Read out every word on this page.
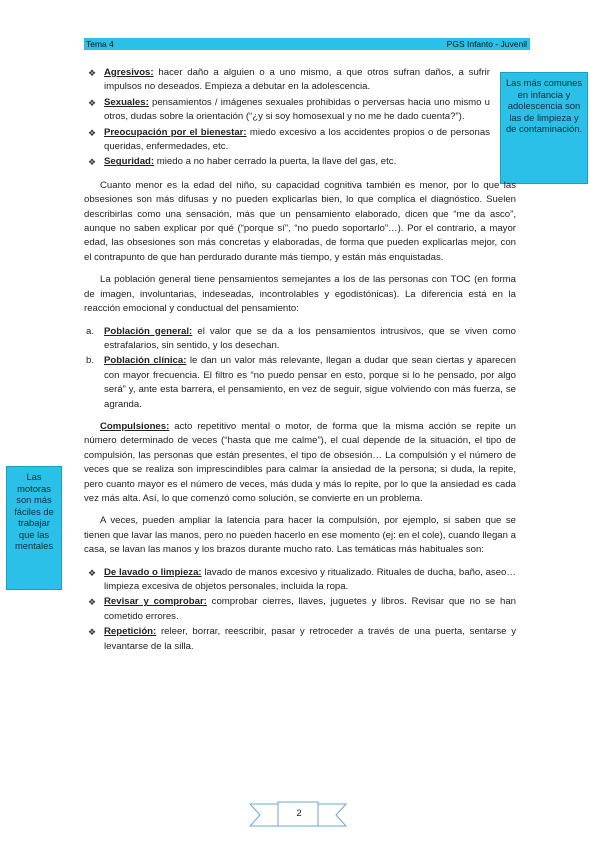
Tema 4	PGS Infanto - Juvenil
Las más comunes en infancia y adolescencia son las de limpieza y de contaminación.
Las motoras son más fáciles de trabajar que las mentales
❖ Agresivos: hacer daño a alguien o a uno mismo, a que otros sufran daños, a sufrir impulsos no deseados. Empieza a debutar en la adolescencia.
❖ Sexuales: pensamientos / imágenes sexuales prohibidas o perversas hacia uno mismo u otros, dudas sobre la orientación (“¿y si soy homosexual y no me he dado cuenta?”).
❖ Preocupación por el bienestar: miedo excesivo a los accidentes propios o de personas queridas, enfermedades, etc.
❖ Seguridad: miedo a no haber cerrado la puerta, la llave del gas, etc.

Cuanto menor es la edad del niño, su capacidad cognitiva también es menor, por lo que las obsesiones son más difusas y no pueden explicarlas bien, lo que complica el diagnóstico. Suelen describirlas como una sensación, más que un pensamiento elaborado, dicen que “me da asco”, aunque no saben explicar por qué (“porque sí”, “no puedo soportarlo”…). Por el contrario, a mayor edad, las obsesiones son más concretas y elaboradas, de forma que pueden explicarlas mejor, con el contrapunto de que han perdurado durante más tiempo, y están más enquistadas.

La población general tiene pensamientos semejantes a los de las personas con TOC (en forma de imagen, involuntarias, indeseadas, incontrolables y egodistónicas). La diferencia está en la reacción emocional y conductual del pensamiento:

a. Población general: el valor que se da a los pensamientos intrusivos, que se viven como estrafalarios, sin sentido, y los desechan.
b. Población clínica: le dan un valor más relevante, llegan a dudar que sean ciertas y aparecen con mayor frecuencia. El filtro es “no puedo pensar en esto, porque si lo he pensado, por algo será” y, ante esta barrera, el pensamiento, en vez de seguir, sigue volviendo con más fuerza, se agranda.

Compulsiones: acto repetitivo mental o motor, de forma que la misma acción se repite un número determinado de veces (“hasta que me calme”), el cual depende de la situación, el tipo de compulsión, las personas que están presentes, el tipo de obsesión… La compulsión y el número de veces que se realiza son imprescindibles para calmar la ansiedad de la persona; si duda, la repite, pero cuanto mayor es el número de veces, más duda y más lo repite, por lo que la ansiedad es cada vez más alta. Así, lo que comenzó como solución, se convierte en un problema.

A veces, pueden ampliar la latencia para hacer la compulsión, por ejemplo, si saben que se tienen que lavar las manos, pero no pueden hacerlo en ese momento (ej: en el cole), cuando llegan a casa, se lavan las manos y los brazos durante mucho rato. Las temáticas más habituales son:

❖ De lavado o limpieza: lavado de manos excesivo y ritualizado. Rituales de ducha, baño, aseo… limpieza excesiva de objetos personales, incluida la ropa.
❖ Revisar y comprobar: comprobar cierres, llaves, juguetes y libros. Revisar que no se han cometido errores.
❖ Repetición: releer, borrar, reescribir, pasar y retroceder a través de una puerta, sentarse y levantarse de la silla.
2
